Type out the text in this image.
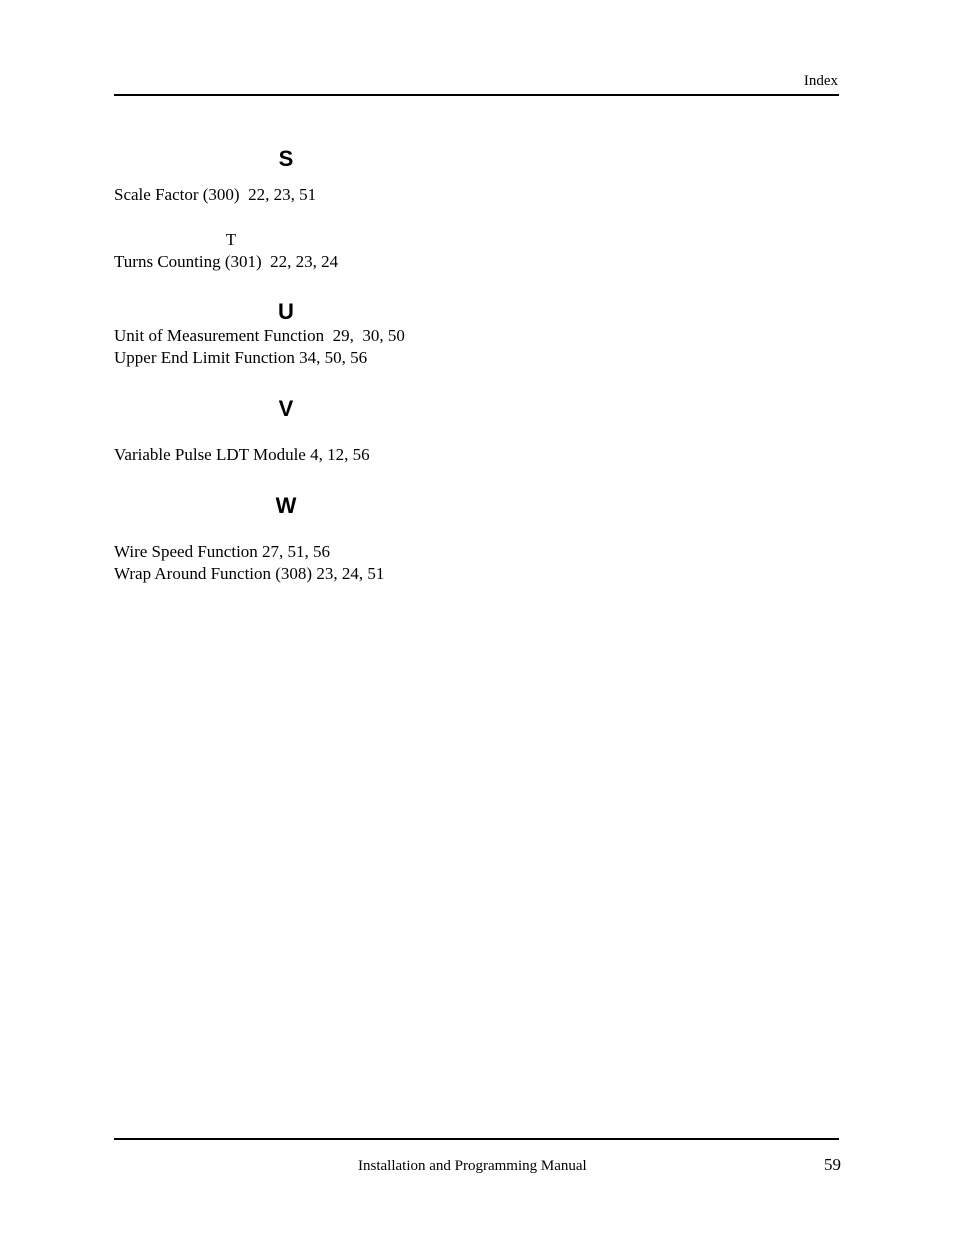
Index
S
Scale Factor (300)  22, 23, 51
T
Turns Counting (301)  22, 23, 24
U
Unit of Measurement Function  29,  30, 50
Upper End Limit Function 34, 50, 56
V
Variable Pulse LDT Module 4, 12, 56
W
Wire Speed Function 27, 51, 56
Wrap Around Function (308) 23, 24, 51
Installation and Programming Manual	59
